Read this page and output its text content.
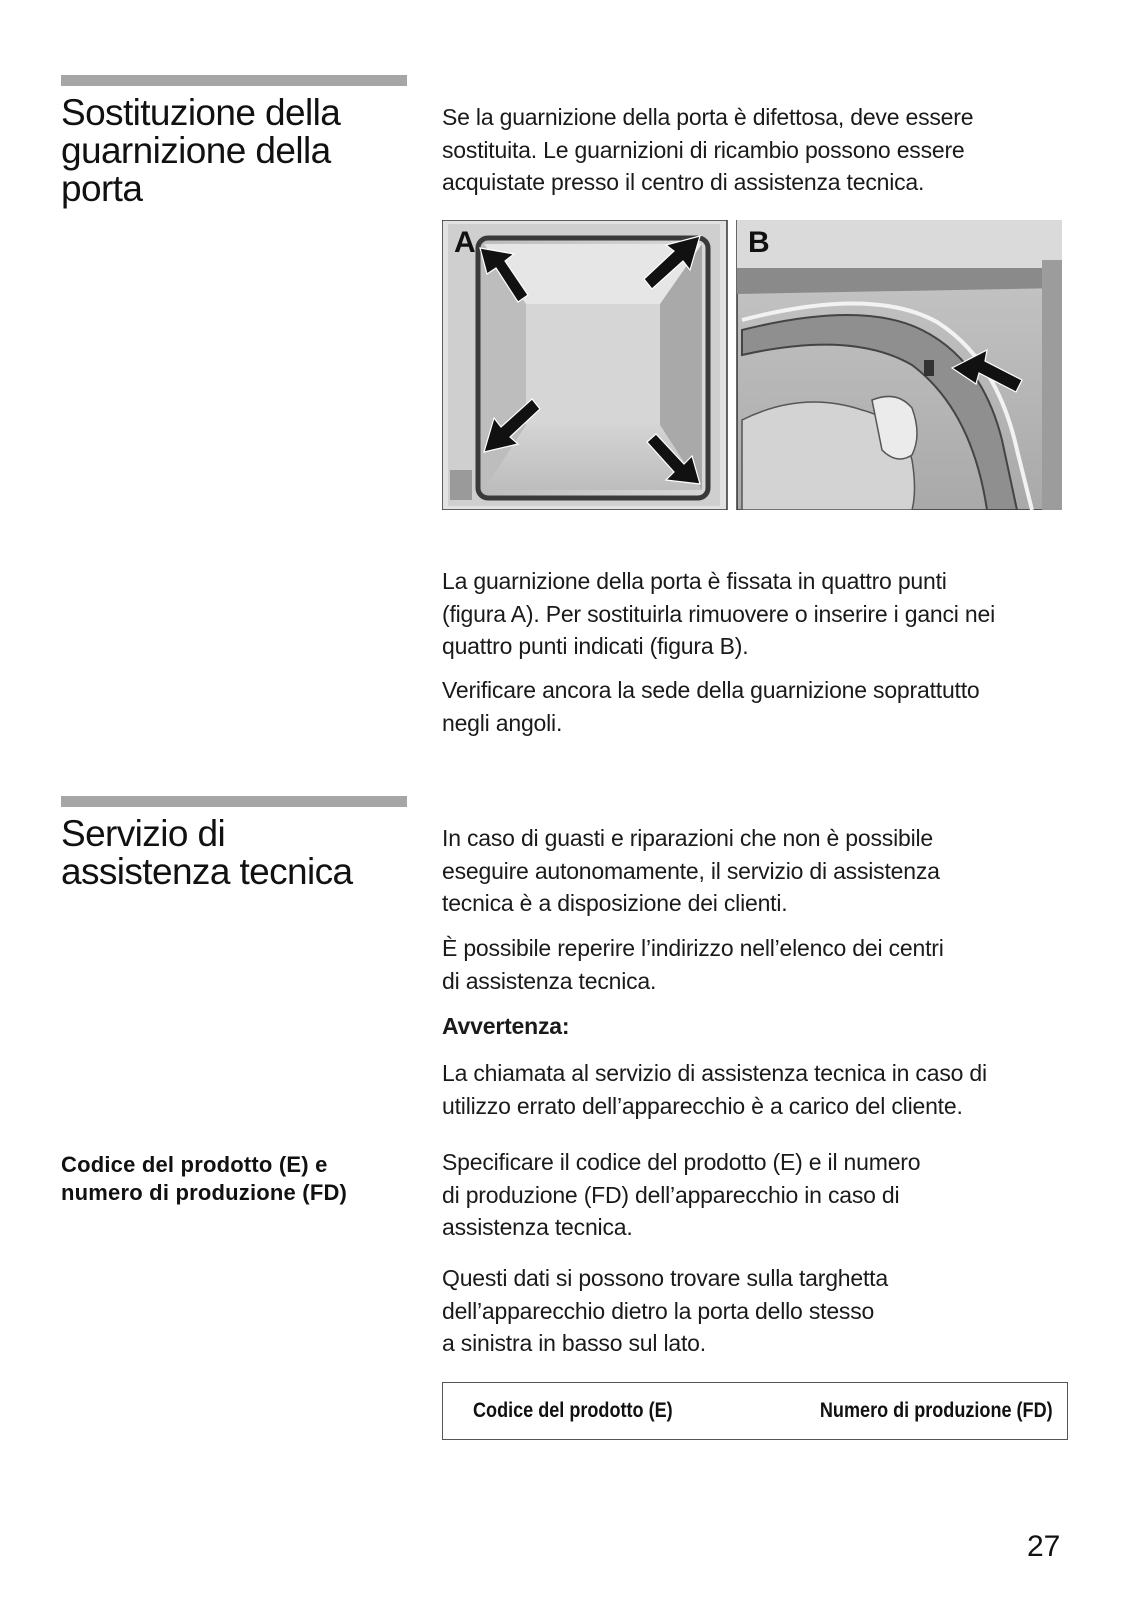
Sostituzione della
guarnizione della
porta
Se la guarnizione della porta è difettosa, deve essere
sostituita. Le guarnizioni di ricambio possono essere
acquistate presso il centro di assistenza tecnica.
A	B
La guarnizione della porta è fissata in quattro punti
(figura A). Per sostituirla rimuovere o inserire i ganci nei
quattro punti indicati (figura B).
Verificare ancora la sede della guarnizione soprattutto
negli angoli.
Servizio di
assistenza tecnica
In caso di guasti e riparazioni che non è possibile
eseguire autonomamente, il servizio di assistenza
tecnica è a disposizione dei clienti.
È possibile reperire l’indirizzo nell’elenco dei centri
di assistenza tecnica.
Avvertenza:
La chiamata al servizio di assistenza tecnica in caso di
utilizzo errato dell’apparecchio è a carico del cliente.
Codice del prodotto (E) e
numero di produzione (FD)
Specificare il codice del prodotto (E) e il numero
di produzione (FD) dell’apparecchio in caso di
assistenza tecnica.
Questi dati si possono trovare sulla targhetta
dell’apparecchio dietro la porta dello stesso
a sinistra in basso sul lato.
Codice del prodotto (E)	Numero di produzione (FD)
27
